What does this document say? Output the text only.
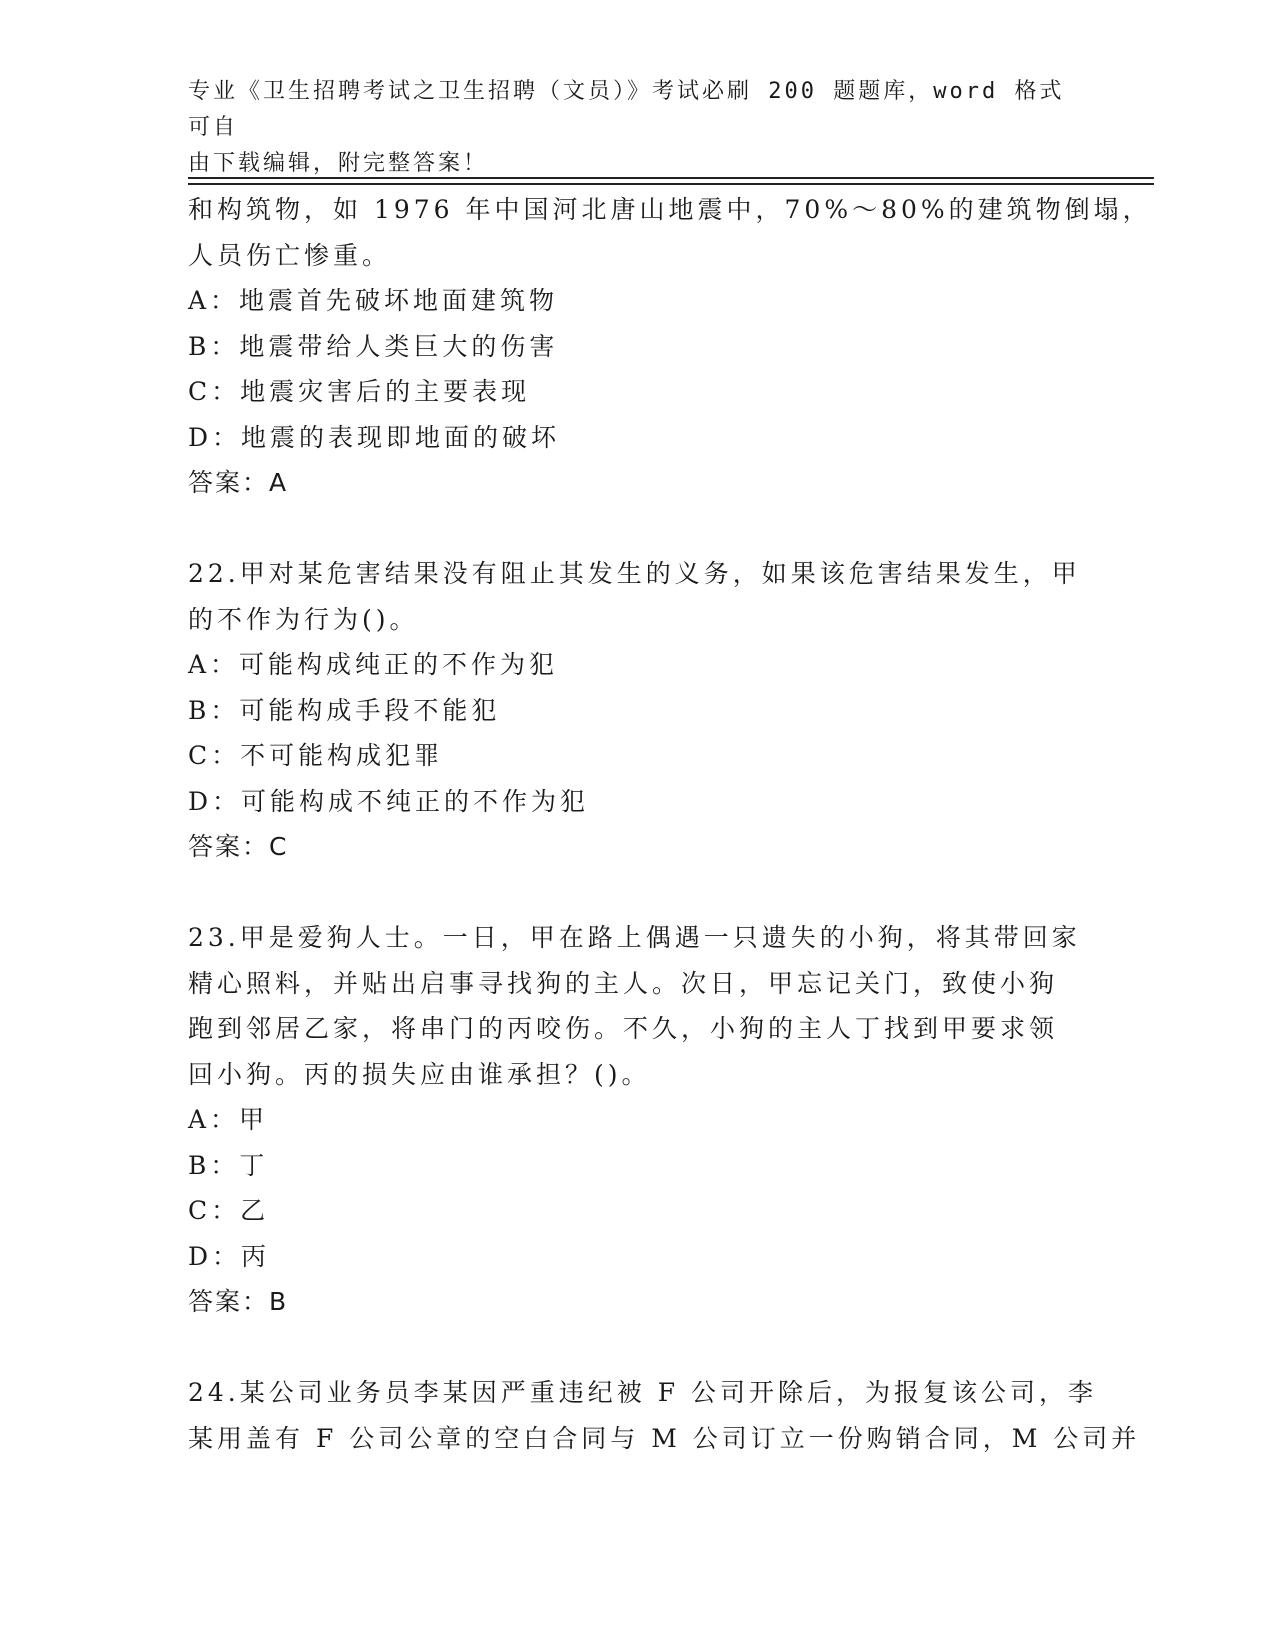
专业《卫生招聘考试之卫生招聘（文员）》考试必刷 200 题题库，word 格式可自
由下载编辑，附完整答案！
和构筑物，如 1976 年中国河北唐山地震中，70%～80%的建筑物倒塌，
人员伤亡惨重。
A：地震首先破坏地面建筑物
B：地震带给人类巨大的伤害
C：地震灾害后的主要表现
D：地震的表现即地面的破坏
答案：A
22.甲对某危害结果没有阻止其发生的义务，如果该危害结果发生，甲
的不作为行为()。
A：可能构成纯正的不作为犯
B：可能构成手段不能犯
C：不可能构成犯罪
D：可能构成不纯正的不作为犯
答案：C
23.甲是爱狗人士。一日，甲在路上偶遇一只遗失的小狗，将其带回家
精心照料，并贴出启事寻找狗的主人。次日，甲忘记关门，致使小狗
跑到邻居乙家，将串门的丙咬伤。不久，小狗的主人丁找到甲要求领
回小狗。丙的损失应由谁承担？()。
A：甲
B：丁
C：乙
D：丙
答案：B
24.某公司业务员李某因严重违纪被 F 公司开除后，为报复该公司，李
某用盖有 F 公司公章的空白合同与 M 公司订立一份购销合同，M 公司并
